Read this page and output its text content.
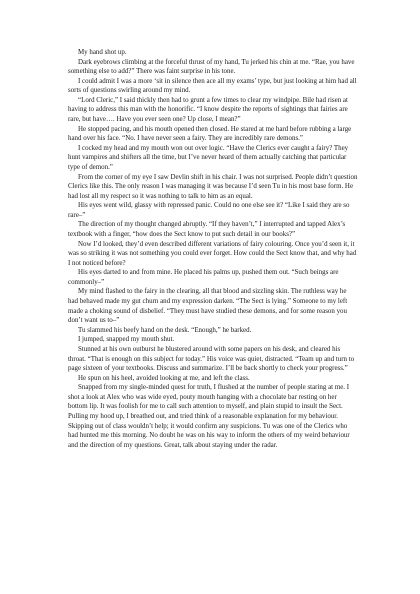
My hand shot up.

Dark eyebrows climbing at the forceful thrust of my hand, Tu jerked his chin at me. “Rae, you have something else to add?” There was faint surprise in his tone.

I could admit I was a more ‘sit in silence then ace all my exams’ type, but just looking at him had all sorts of questions swirling around my mind.

“Lord Cleric,” I said thickly then had to grunt a few times to clear my windpipe. Bile had risen at having to address this man with the honorific. “I know despite the reports of sightings that fairies are rare, but have…. Have you ever seen one? Up close, I mean?”

He stopped pacing, and his mouth opened then closed. He stared at me hard before rubbing a large hand over his face. “No. I have never seen a fairy. They are incredibly rare demons.”

I cocked my head and my mouth won out over logic. “Have the Clerics ever caught a fairy? They hunt vampires and shifters all the time, but I’ve never heard of them actually catching that particular type of demon.”

From the corner of my eye I saw Devlin shift in his chair. I was not surprised. People didn’t question Clerics like this. The only reason I was managing it was because I’d seen Tu in his most base form. He had lost all my respect so it was nothing to talk to him as an equal.

His eyes went wild, glassy with repressed panic. Could no one else see it? “Like I said they are so rare–”

The direction of my thought changed abruptly. “If they haven’t,” I interrupted and tapped Alex’s textbook with a finger, “how does the Sect know to put such detail in our books?”

Now I’d looked, they’d even described different variations of fairy colouring. Once you’d seen it, it was so striking it was not something you could ever forget. How could the Sect know that, and why had I not noticed before?

His eyes darted to and from mine. He placed his palms up, pushed them out. “Such beings are commonly–”

My mind flashed to the fairy in the clearing, all that blood and sizzling skin. The ruthless way he had behaved made my gut churn and my expression darken. “The Sect is lying.” Someone to my left made a choking sound of disbelief. “They must have studied these demons, and for some reason you don’t want us to–”

Tu slammed his beefy hand on the desk. “Enough,” he barked.

I jumped, snapped my mouth shut.

Stunned at his own outburst he blustered around with some papers on his desk, and cleared his throat. “That is enough on this subject for today.” His voice was quiet, distracted. “Team up and turn to page sixteen of your textbooks. Discuss and summarize. I’ll be back shortly to check your progress.”

He spun on his heel, avoided looking at me, and left the class.

Snapped from my single-minded quest for truth, I flushed at the number of people staring at me. I shot a look at Alex who was wide eyed, pouty mouth hanging with a chocolate bar resting on her bottom lip. It was foolish for me to call such attention to myself, and plain stupid to insult the Sect. Pulling my hood up, I breathed out, and tried think of a reasonable explanation for my behaviour. Skipping out of class wouldn’t help; it would confirm any suspicions. Tu was one of the Clerics who had hunted me this morning. No doubt he was on his way to inform the others of my weird behaviour and the direction of my questions. Great, talk about staying under the radar.
